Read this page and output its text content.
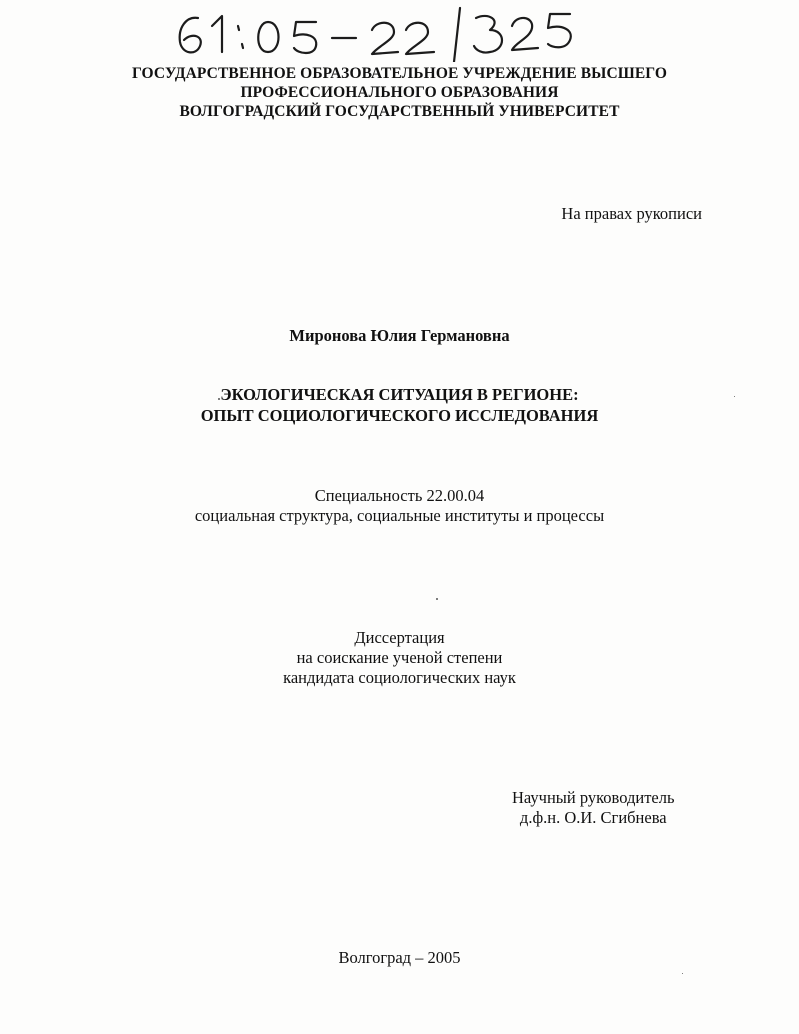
ГОСУДАРСТВЕННОЕ ОБРАЗОВАТЕЛЬНОЕ УЧРЕЖДЕНИЕ ВЫСШЕГО
ПРОФЕССИОНАЛЬНОГО ОБРАЗОВАНИЯ
ВОЛГОГРАДСКИЙ ГОСУДАРСТВЕННЫЙ УНИВЕРСИТЕТ
На правах рукописи
Миронова Юлия Германовна
ЭКОЛОГИЧЕСКАЯ СИТУАЦИЯ В РЕГИОНЕ:
ОПЫТ СОЦИОЛОГИЧЕСКОГО ИССЛЕДОВАНИЯ
Специальность 22.00.04
социальная структура, социальные институты и процессы
Диссертация
на соискание ученой степени
кандидата социологических наук
Научный руководитель
д.ф.н. О.И. Сгибнева
Волгоград – 2005
